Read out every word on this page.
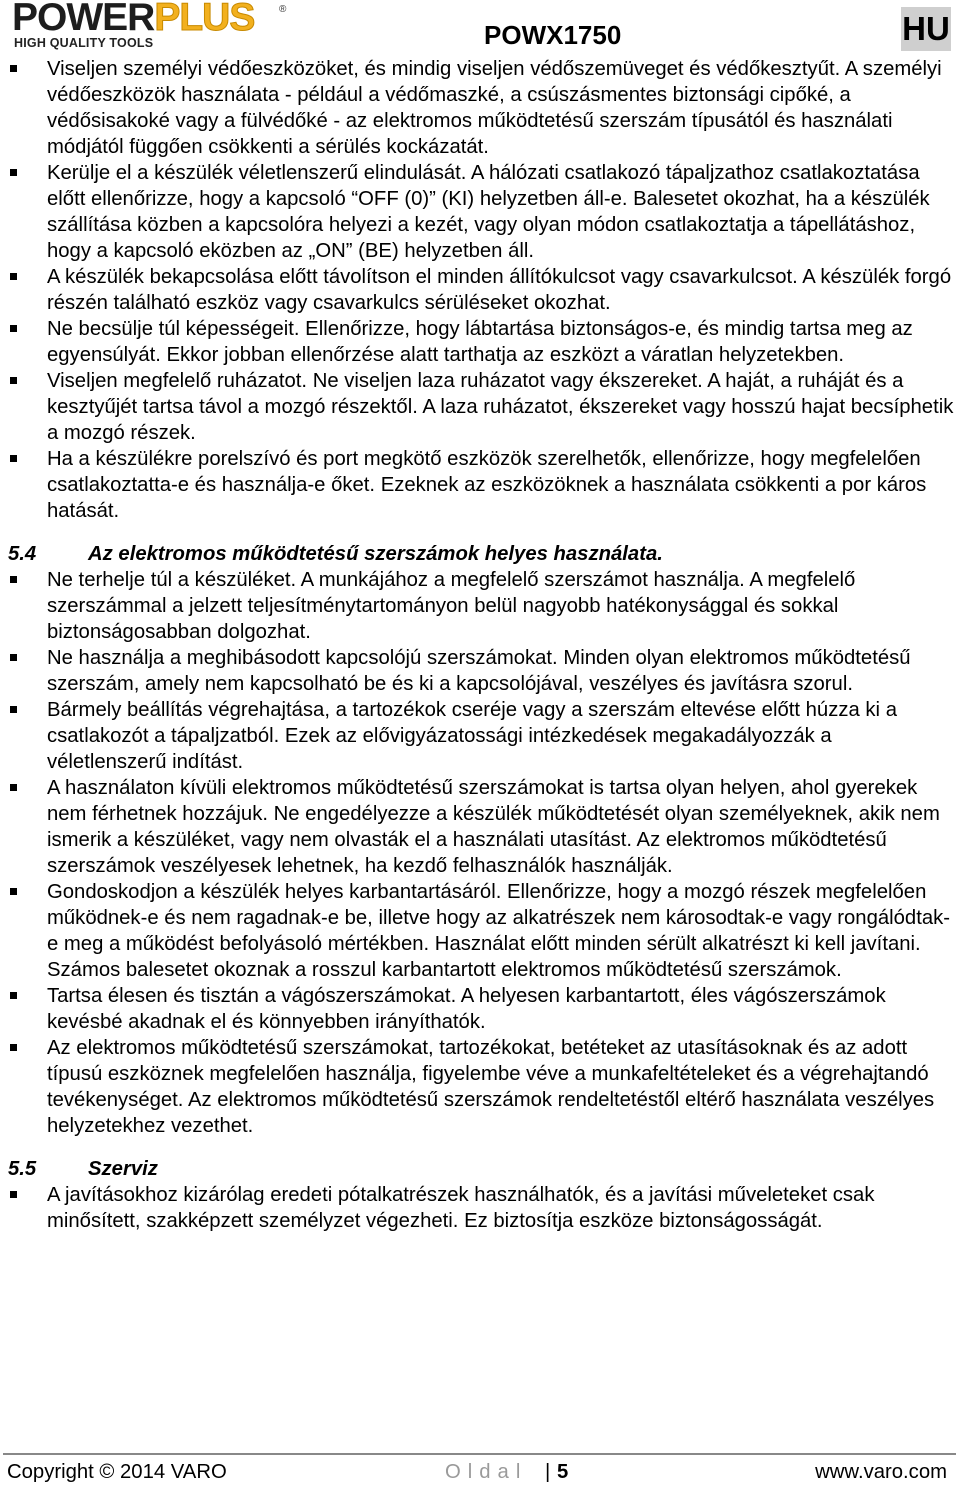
POWERPLUS ®
HIGH QUALITY TOOLS	POWX1750	HU
Viseljen személyi védőeszközöket, és mindig viseljen védőszemüveget és védőkesztyűt. A személyi védőeszközök használata - például a védőmaszké, a csúszásmentes biztonsági cipőké, a védősisakoké vagy a fülvédőké - az elektromos működtetésű szerszám típusától és használati módjától függően csökkenti a sérülés kockázatát.
Kerülje el a készülék véletlenszerű elindulását. A hálózati csatlakozó tápaljzathoz csatlakoztatása előtt ellenőrizze, hogy a kapcsoló “OFF (0)” (KI) helyzetben áll-e. Balesetet okozhat, ha a készülék szállítása közben a kapcsolóra helyezi a kezét, vagy olyan módon csatlakoztatja a tápellátáshoz, hogy a kapcsoló eközben az „ON” (BE) helyzetben áll.
A készülék bekapcsolása előtt távolítson el minden állítókulcsot vagy csavarkulcsot. A készülék forgó részén található eszköz vagy csavarkulcs sérüléseket okozhat.
Ne becsülje túl képességeit. Ellenőrizze, hogy lábtartása biztonságos-e, és mindig tartsa meg az egyensúlyát. Ekkor jobban ellenőrzése alatt tarthatja az eszközt a váratlan helyzetekben.
Viseljen megfelelő ruházatot. Ne viseljen laza ruházatot vagy ékszereket. A haját, a ruháját és a kesztyűjét tartsa távol a mozgó részektől. A laza ruházatot, ékszereket vagy hosszú hajat becsíphetik a mozgó részek.
Ha a készülékre porelszívó és port megkötő eszközök szerelhetők, ellenőrizze, hogy megfelelően csatlakoztatta-e és használja-e őket. Ezeknek az eszközöknek a használata csökkenti a por káros hatását.
5.4	Az elektromos működtetésű szerszámok helyes használata.
Ne terhelje túl a készüléket. A munkájához a megfelelő szerszámot használja. A megfelelő szerszámmal a jelzett teljesítménytartományon belül nagyobb hatékonysággal és sokkal biztonságosabban dolgozhat.
Ne használja a meghibásodott kapcsolójú szerszámokat. Minden olyan elektromos működtetésű szerszám, amely nem kapcsolható be és ki a kapcsolójával, veszélyes és javításra szorul.
Bármely beállítás végrehajtása, a tartozékok cseréje vagy a szerszám eltevése előtt húzza ki a csatlakozót a tápaljzatból. Ezek az elővigyázatossági intézkedések megakadályozzák a véletlenszerű indítást.
A használaton kívüli elektromos működtetésű szerszámokat is tartsa olyan helyen, ahol gyerekek nem férhetnek hozzájuk. Ne engedélyezze a készülék működtetését olyan személyeknek, akik nem ismerik a készüléket, vagy nem olvasták el a használati utasítást. Az elektromos működtetésű szerszámok veszélyesek lehetnek, ha kezdő felhasználók használják.
Gondoskodjon a készülék helyes karbantartásáról. Ellenőrizze, hogy a mozgó részek megfelelően működnek-e és nem ragadnak-e be, illetve hogy az alkatrészek nem károsodtak-e vagy rongálódtak-e meg a működést befolyásoló mértékben. Használat előtt minden sérült alkatrészt ki kell javítani. Számos balesetet okoznak a rosszul karbantartott elektromos működtetésű szerszámok.
Tartsa élesen és tisztán a vágószerszámokat. A helyesen karbantartott, éles vágószerszámok kevésbé akadnak el és könnyebben irányíthatók.
Az elektromos működtetésű szerszámokat, tartozékokat, betéteket az utasításoknak és az adott típusú eszköznek megfelelően használja, figyelembe véve a munkafeltételeket és a végrehajtandó tevékenységet. Az elektromos működtetésű szerszámok rendeltetéstől eltérő használata veszélyes helyzetekhez vezethet.
5.5	Szerviz
A javításokhoz kizárólag eredeti pótalkatrészek használhatók, és a javítási műveleteket csak minősített, szakképzett személyzet végezheti. Ez biztosítja eszköze biztonságosságát.
Copyright © 2014 VARO	Oldal | 5	www.varo.com
